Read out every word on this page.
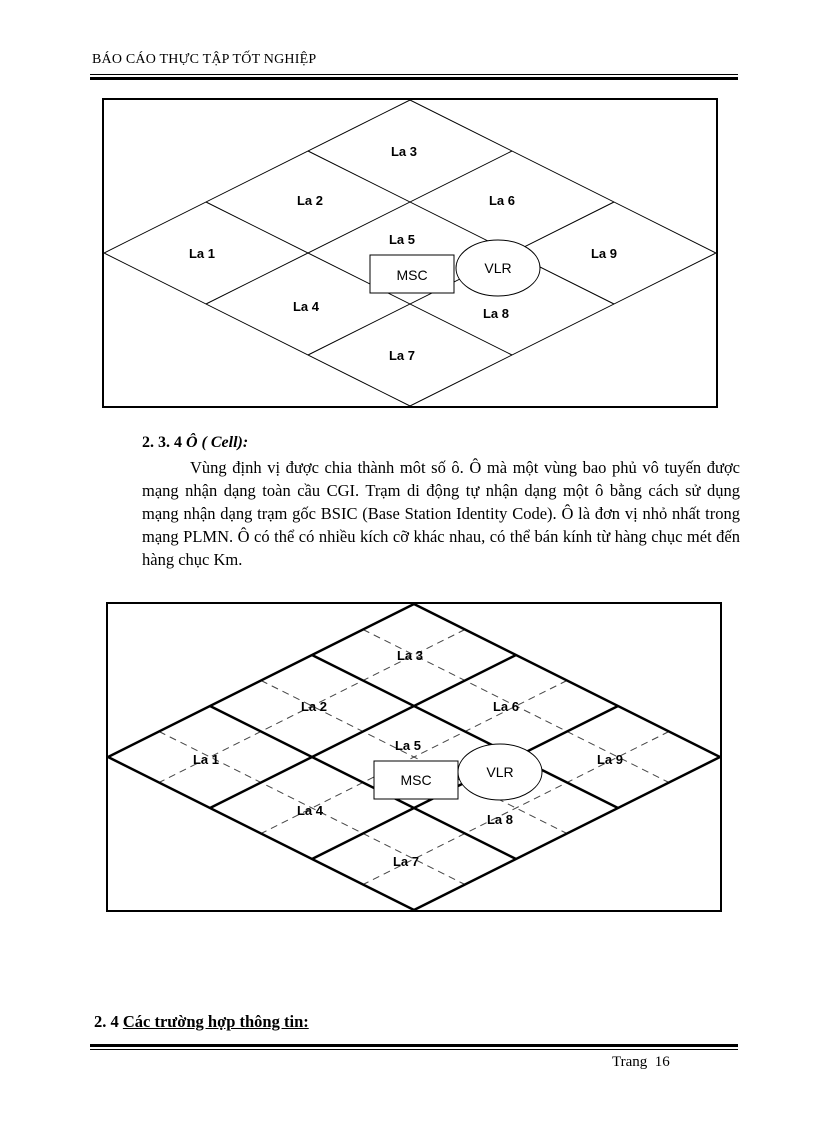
BÁO CÁO THỰC TẬP TỐT NGHIỆP
MSC	VLR
La 1
La 2
La 3
La 4
La 5
La 6
La 7
La 8
La 9
2. 3. 4 Ô ( Cell):
Vùng định vị được chia thành môt số ô. Ô mà một vùng bao phủ vô tuyến được mạng nhận dạng toàn cầu CGI. Trạm di động tự nhận dạng một ô bằng cách sử dụng mạng nhận dạng trạm gốc BSIC (Base Station Identity Code). Ô là đơn vị nhỏ nhất trong mạng PLMN. Ô có thể có nhiều kích cỡ khác nhau, có thể bán kính từ hàng chục mét đến hàng chục Km.
MSC	VLR
La 1
La 2
La 3
La 4
La 5
La 6
La 7
La 8
La 9
2. 4 Các trường hợp thông tin:
Trang  16
